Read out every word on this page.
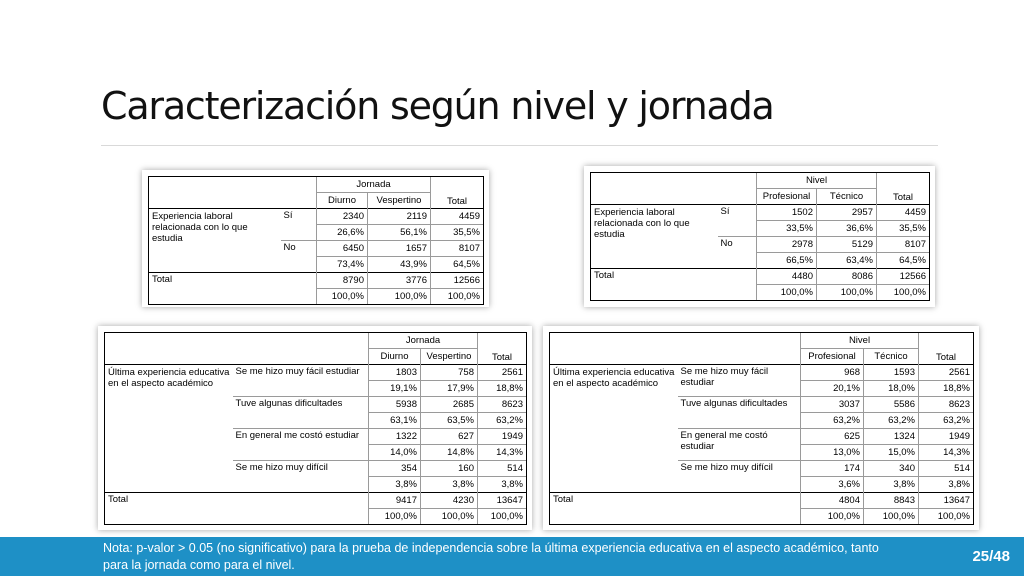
Caracterización según nivel y jornada
		Jornada		Total
		Diurno	Vespertino	
Experiencia laboral relacionada con lo que estudia	Sí	2340	2119	4459
		26,6%	56,1%	35,5%
	No	6450	1657	8107
		73,4%	43,9%	64,5%
Total		8790	3776	12566
		100,0%	100,0%	100,0%
		Nivel		Total
		Profesional	Técnico	
Experiencia laboral relacionada con lo que estudia	Sí	1502	2957	4459
		33,5%	36,6%	35,5%
	No	2978	5129	8107
		66,5%	63,4%	64,5%
Total		4480	8086	12566
		100,0%	100,0%	100,0%
		Jornada		Total
		Diurno	Vespertino	
Última experiencia educativa en el aspecto académico	Se me hizo muy fácil estudiar	1803	758	2561
		19,1%	17,9%	18,8%
	Tuve algunas dificultades	5938	2685	8623
		63,1%	63,5%	63,2%
	En general me costó estudiar	1322	627	1949
		14,0%	14,8%	14,3%
	Se me hizo muy difícil	354	160	514
		3,8%	3,8%	3,8%
Total		9417	4230	13647
		100,0%	100,0%	100,0%
		Nivel		Total
		Profesional	Técnico	
Última experiencia educativa en el aspecto académico	Se me hizo muy fácil estudiar	968	1593	2561
		20,1%	18,0%	18,8%
	Tuve algunas dificultades	3037	5586	8623
		63,2%	63,2%	63,2%
	En general me costó estudiar	625	1324	1949
		13,0%	15,0%	14,3%
	Se me hizo muy difícil	174	340	514
		3,6%	3,8%	3,8%
Total		4804	8843	13647
		100,0%	100,0%	100,0%
Nota: p-valor > 0.05 (no significativo) para la prueba de independencia sobre la última experiencia educativa en el aspecto académico, tanto para la jornada como para el nivel.	25/48
